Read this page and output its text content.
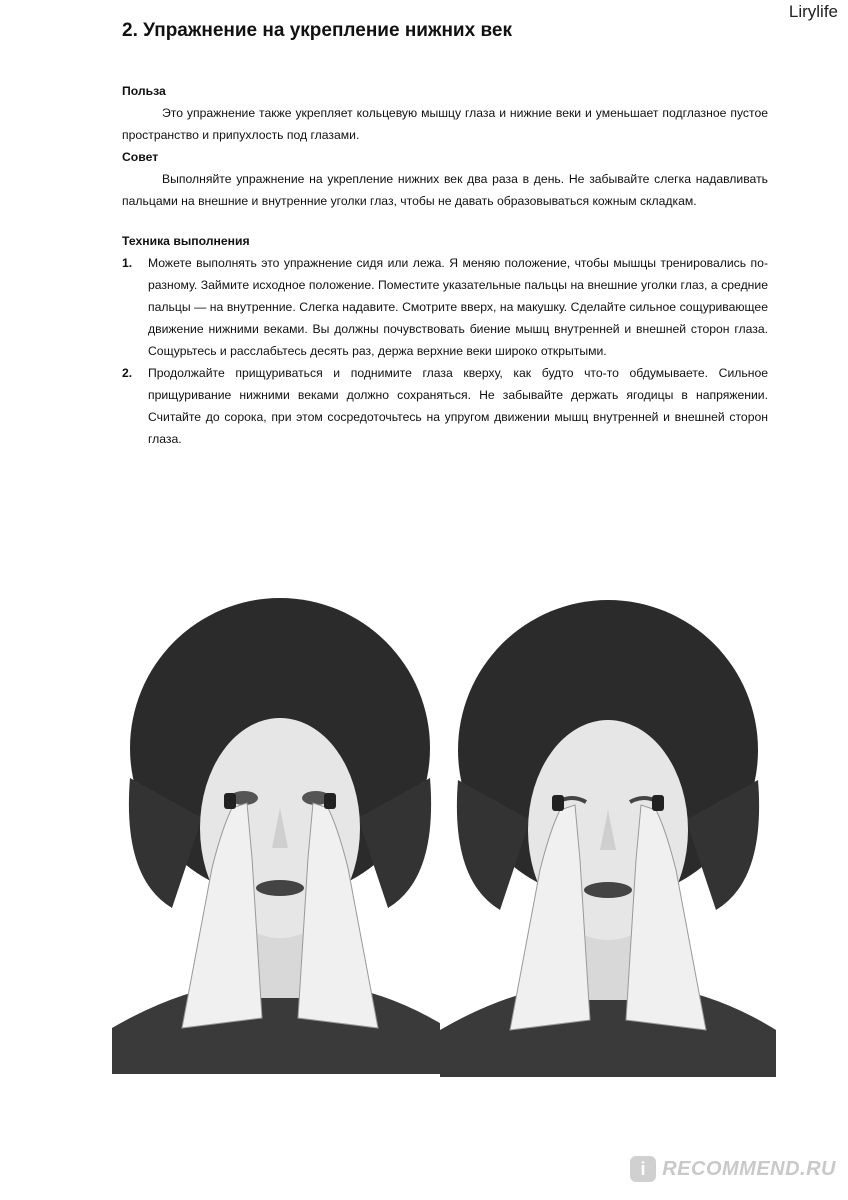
Lirylife
2. Упражнение на укрепление нижних век

Польза

Это упражнение также укрепляет кольцевую мышцу глаза и нижние веки и уменьшает подглазное пустое пространство и припухлость под глазами.

Совет

Выполняйте упражнение на укрепление нижних век два раза в день. Не забывайте слегка надавливать пальцами на внешние и внутренние уголки глаз, чтобы не давать образовываться кожным складкам.

Техника выполнения

1.	Можете выполнять это упражнение сидя или лежа. Я меняю положение, чтобы мышцы тренировались по-разному. Займите исходное положение. Поместите указательные пальцы на внешние уголки глаз, а средние пальцы — на внутренние. Слегка надавите. Смотрите вверх, на макушку. Сделайте сильное сощуривающее движение нижними веками. Вы должны почувствовать биение мышц внутренней и внешней сторон глаза. Сощурьтесь и расслабьтесь десять раз, держа верхние веки широко открытыми.
2.	Продолжайте прищуриваться и поднимите глаза кверху, как будто что-то обдумываете. Сильное прищуривание нижними веками должно сохраняться. Не забывайте держать ягодицы в напряжении. Считайте до сорока, при этом сосредоточьтесь на упругом движении мышц внутренней и внешней сторон глаза.
i RECOMMEND.RU
